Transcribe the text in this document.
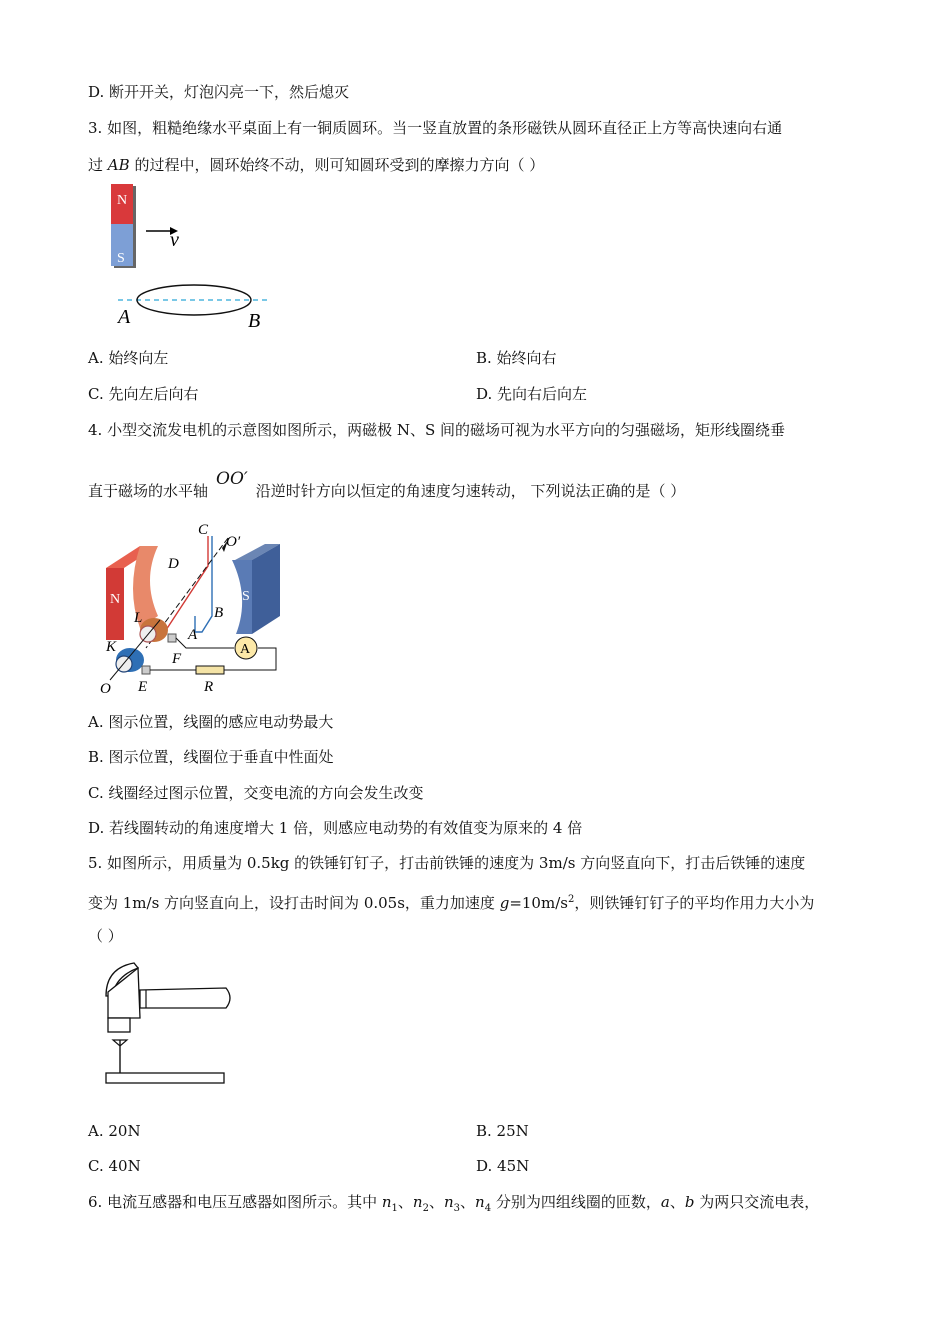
D. 断开开关，灯泡闪亮一下，然后熄灭
3. 如图，粗糙绝缘水平桌面上有一铜质圆环。当一竖直放置的条形磁铁从圆环直径正上方等高快速向右通
过 AB 的过程中，圆环始终不动，则可知圆环受到的摩擦力方向（ ）
N
S
v
A	B
A. 始终向左	B. 始终向右
C. 先向左后向右	D. 先向右后向左
4. 小型交流发电机的示意图如图所示，两磁极 N、S 间的磁场可视为水平方向的匀强磁场，矩形线圈绕垂
直于磁场的水平轴OO′沿逆时针方向以恒定的角速度匀速转动， 下列说法正确的是（ ）
N	S
C
O′
D
B
L
K
O
A
F
E
A
R
A. 图示位置，线圈的感应电动势最大
B. 图示位置，线圈位于垂直中性面处
C. 线圈经过图示位置，交变电流的方向会发生改变
D. 若线圈转动的角速度增大 1 倍，则感应电动势的有效值变为原来的 4 倍
5. 如图所示，用质量为 0.5kg 的铁锤钉钉子，打击前铁锤的速度为 3m/s 方向竖直向下，打击后铁锤的速度
变为 1m/s 方向竖直向上，设打击时间为 0.05s，重力加速度 $g=10m/s^2$，则铁锤钉钉子的平均作用力大小为
（ ）
A. 20N	B. 25N
C. 40N	D. 45N
6. 电流互感器和电压互感器如图所示。其中 $n_1$、$n_2$、$n_3$、$n_4$ 分别为四组线圈的匝数，a、b 为两只交流电表，
